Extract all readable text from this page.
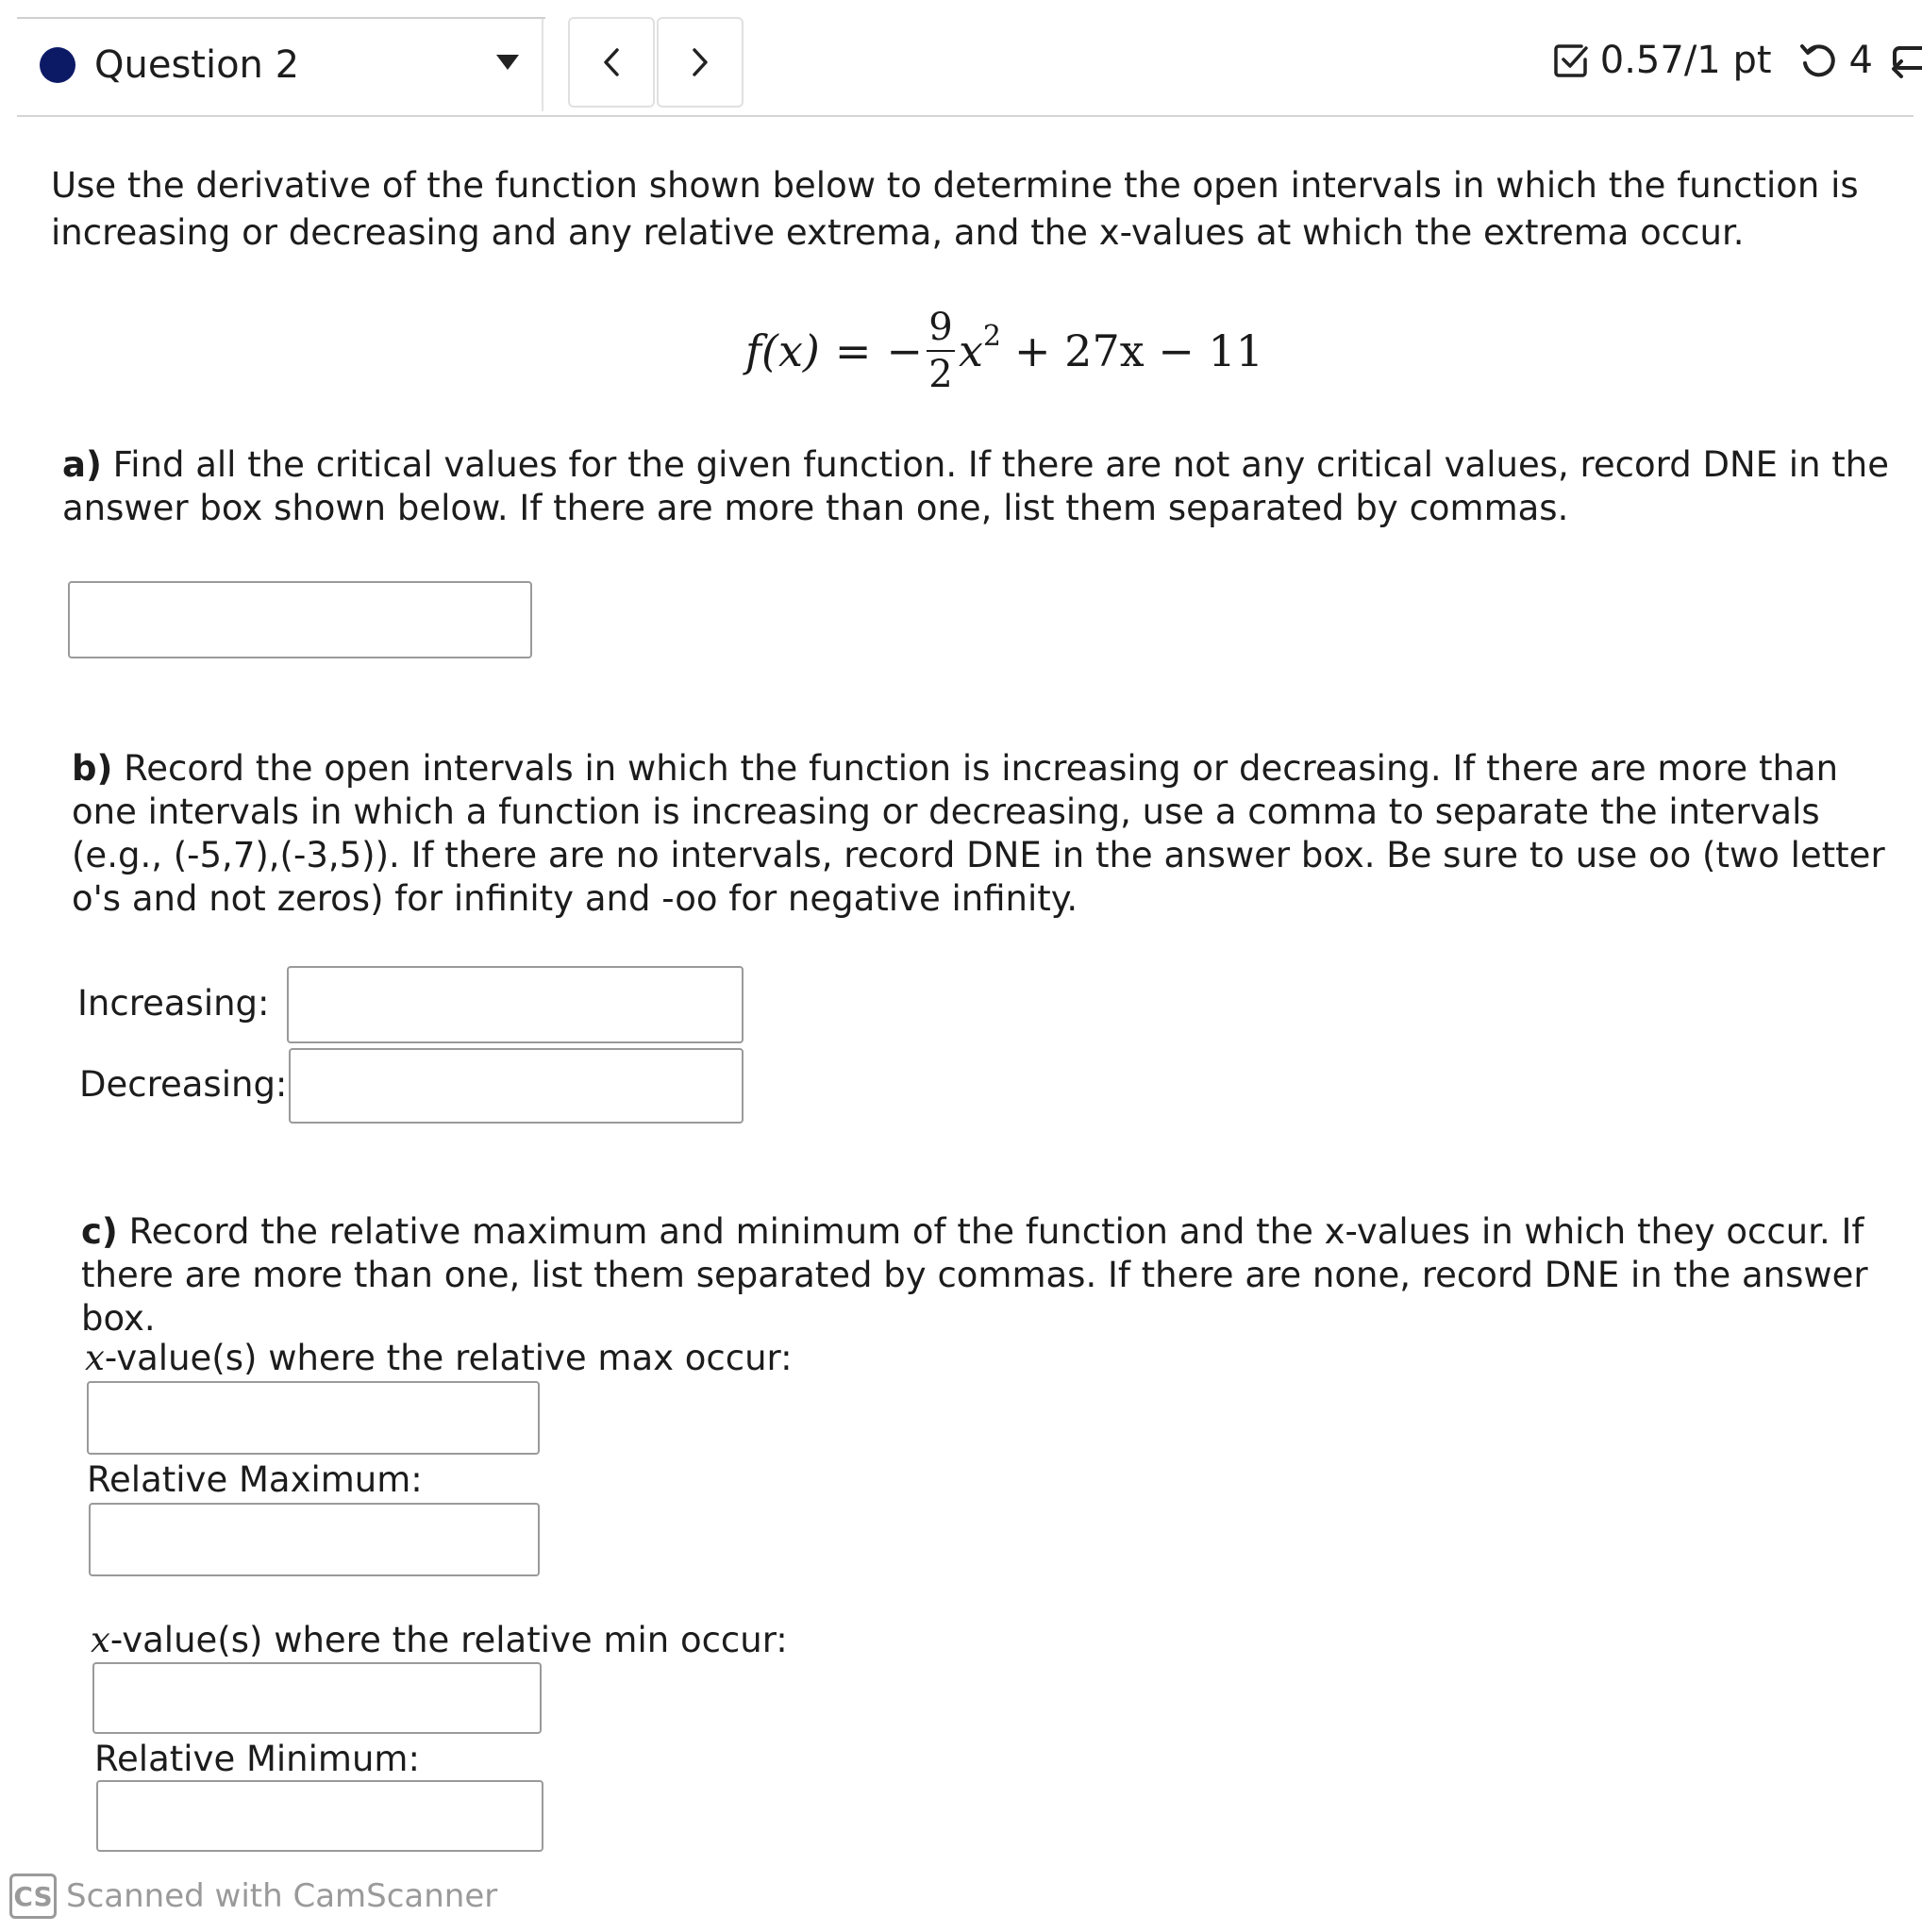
Question 2	0.57/1 pt 4
Use the derivative of the function shown below to determine the open intervals in which the function is increasing or decreasing and any relative extrema, and the x-values at which the extrema occur.
f(x) = − $\frac{9}{2} x^2 + 27x - 11$
a) Find all the critical values for the given function. If there are not any critical values, record DNE in the answer box shown below. If there are more than one, list them separated by commas.
b) Record the open intervals in which the function is increasing or decreasing. If there are more than one intervals in which a function is increasing or decreasing, use a comma to separate the intervals (e.g., (-5,7),(-3,5)). If there are no intervals, record DNE in the answer box. Be sure to use oo (two letter o's and not zeros) for infinity and -oo for negative infinity.
Increasing:
Decreasing:
c) Record the relative maximum and minimum of the function and the x-values in which they occur. If there are more than one, list them separated by commas. If there are none, record DNE in the answer box.
x-value(s) where the relative max occur:
Relative Maximum:
x-value(s) where the relative min occur:
Relative Minimum:
CS Scanned with CamScanner
